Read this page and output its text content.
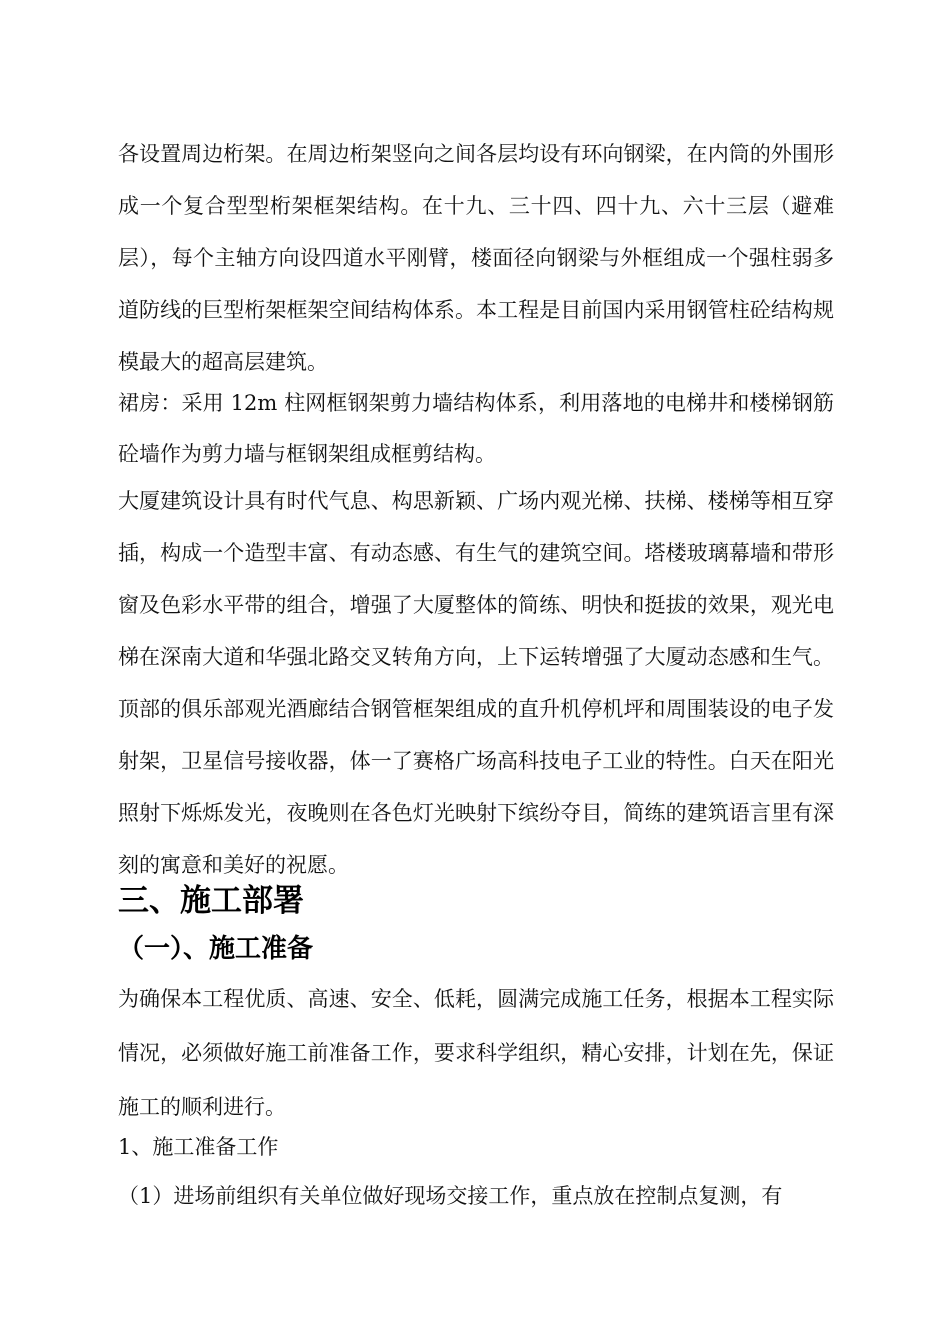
各设置周边桁架。在周边桁架竖向之间各层均设有环向钢梁，在内筒的外围形成一个复合型型桁架框架结构。在十九、三十四、四十九、六十三层（避难层），每个主轴方向设四道水平刚臂，楼面径向钢梁与外框组成一个强柱弱多道防线的巨型桁架框架空间结构体系。本工程是目前国内采用钢管柱砼结构规模最大的超高层建筑。

裙房：采用 12m 柱网框钢架剪力墙结构体系，利用落地的电梯井和楼梯钢筋砼墙作为剪力墙与框钢架组成框剪结构。

大厦建筑设计具有时代气息、构思新颖、广场内观光梯、扶梯、楼梯等相互穿插，构成一个造型丰富、有动态感、有生气的建筑空间。塔楼玻璃幕墙和带形窗及色彩水平带的组合，增强了大厦整体的简练、明快和挺拔的效果，观光电梯在深南大道和华强北路交叉转角方向，上下运转增强了大厦动态感和生气。顶部的俱乐部观光酒廊结合钢管框架组成的直升机停机坪和周围装设的电子发射架，卫星信号接收器，体一了赛格广场高科技电子工业的特性。白天在阳光照射下烁烁发光，夜晚则在各色灯光映射下缤纷夺目，简练的建筑语言里有深刻的寓意和美好的祝愿。

三、施工部署
（一）、施工准备

为确保本工程优质、高速、安全、低耗，圆满完成施工任务，根据本工程实际情况，必须做好施工前准备工作，要求科学组织，精心安排，计划在先，保证施工的顺利进行。

1、施工准备工作

（1）进场前组织有关单位做好现场交接工作，重点放在控制点复测，有
